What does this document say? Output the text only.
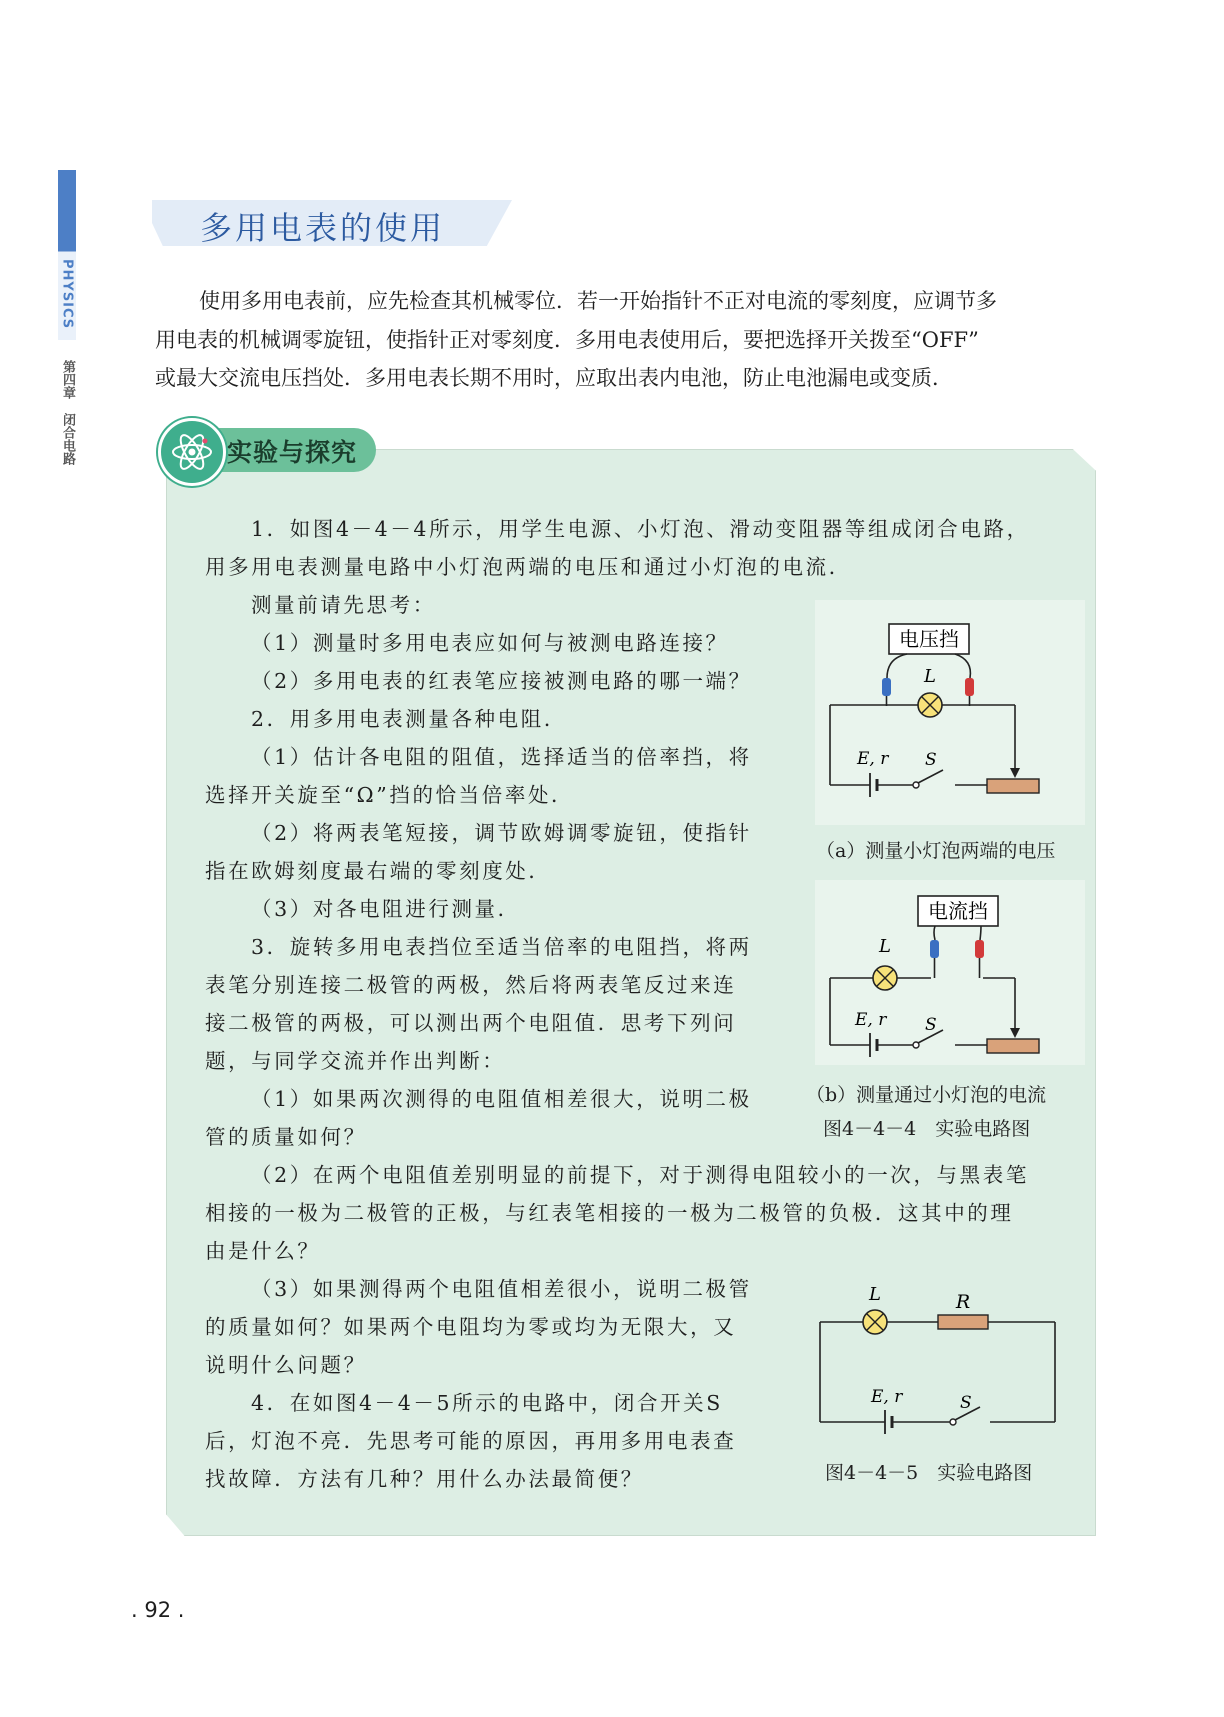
PHYSICS
第四章
闭合电路
多用电表的使用
使用多用电表前，应先检查其机械零位．若一开始指针不正对电流的零刻度，应调节多
用电表的机械调零旋钮，使指针正对零刻度．多用电表使用后，要把选择开关拨至“OFF”
或最大交流电压挡处．多用电表长期不用时，应取出表内电池，防止电池漏电或变质．
实验与探究

1．如图4－4－4所示，用学生电源、小灯泡、滑动变阻器等组成闭合电路，

用多用电表测量电路中小灯泡两端的电压和通过小灯泡的电流．

测量前请先思考：

（1）测量时多用电表应如何与被测电路连接？

（2）多用电表的红表笔应接被测电路的哪一端？

2．用多用电表测量各种电阻．

（1）估计各电阻的阻值，选择适当的倍率挡，将

选择开关旋至“Ω”挡的恰当倍率处．

（2）将两表笔短接，调节欧姆调零旋钮，使指针

指在欧姆刻度最右端的零刻度处．

（3）对各电阻进行测量．

3．旋转多用电表挡位至适当倍率的电阻挡，将两

表笔分别连接二极管的两极，然后将两表笔反过来连

接二极管的两极，可以测出两个电阻值．思考下列问

题，与同学交流并作出判断：

（1）如果两次测得的电阻值相差很大，说明二极

管的质量如何？

（2）在两个电阻值差别明显的前提下，对于测得电阻较小的一次，与黑表笔

相接的一极为二极管的正极，与红表笔相接的一极为二极管的负极．这其中的理

由是什么？

（3）如果测得两个电阻值相差很小，说明二极管

的质量如何？如果两个电阻均为零或均为无限大，又

说明什么问题？

4．在如图4－4－5所示的电路中，闭合开关S

后，灯泡不亮．先思考可能的原因，再用多用电表查

找故障．方法有几种？用什么办法最简便？

电压挡
L
E, r S
（a）测量小灯泡两端的电压
电流挡
L
E, r S
（b）测量通过小灯泡的电流
图4－4－4　实验电路图
L	R
E, r	S
图4－4－5　实验电路图
. 92 .
